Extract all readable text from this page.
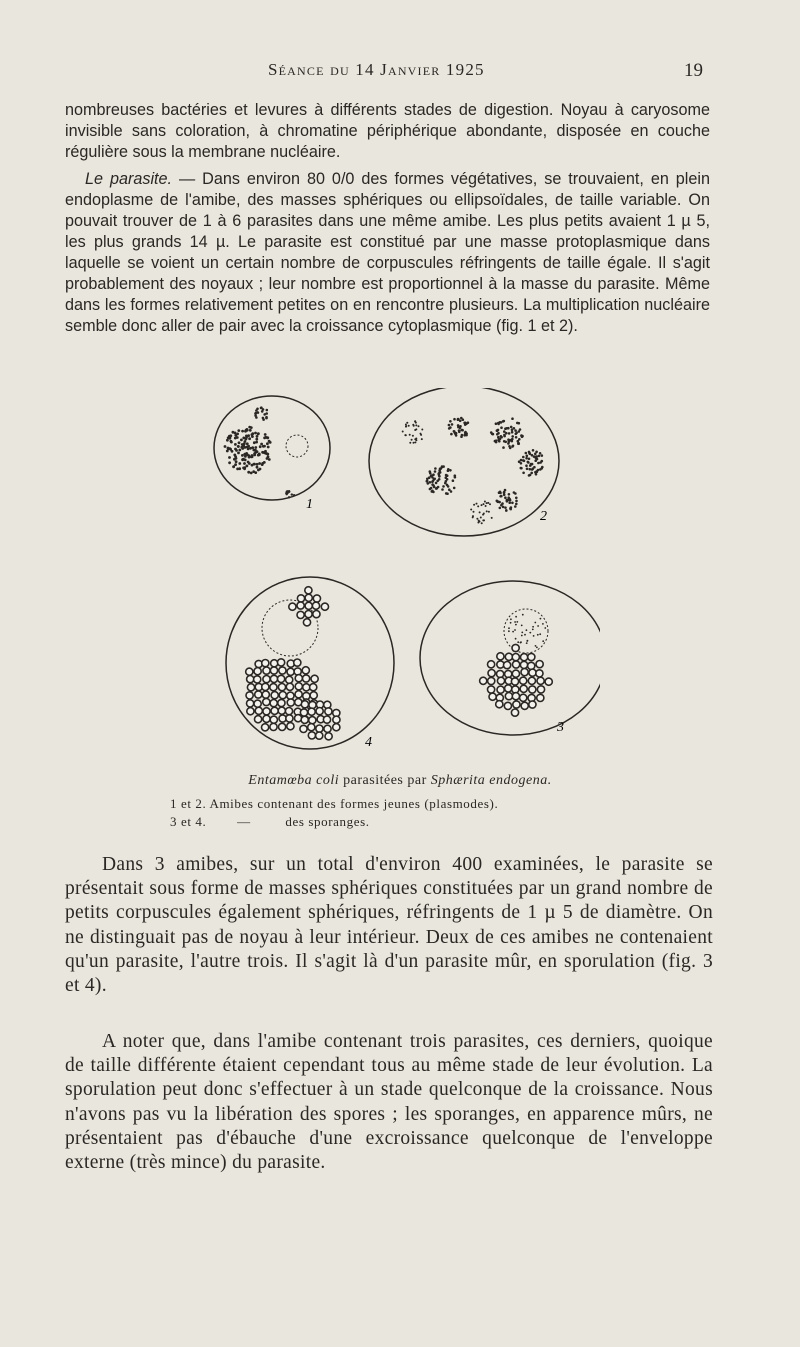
Séance du 14 Janvier 1925	19

nombreuses bactéries et levures à différents stades de digestion. Noyau à caryosome invisible sans coloration, à chromatine périphérique abondante, disposée en couche régulière sous la membrane nucléaire.

Le parasite. — Dans environ 80 0/0 des formes végétatives, se trouvaient, en plein endoplasme de l'amibe, des masses sphériques ou ellipsoïdales, de taille variable. On pouvait trouver de 1 à 6 parasites dans une même amibe. Les plus petits avaient 1 µ 5, les plus grands 14 µ. Le parasite est constitué par une masse protoplasmique dans laquelle se voient un certain nombre de corpuscules réfringents de taille égale. Il s'agit probablement des noyaux ; leur nombre est proportionnel à la masse du parasite. Même dans les formes relativement petites on en rencontre plusieurs. La multiplication nucléaire semble donc aller de pair avec la croissance cytoplasmique (fig. 1 et 2).

1
2
4
3
Entamœba coli parasitées par Sphærita endogena.
1 et 2. Amibes contenant des formes jeunes (plasmodes).
3 et 4.        —         des sporanges.

Dans 3 amibes, sur un total d'environ 400 examinées, le parasite se présentait sous forme de masses sphériques constituées par un grand nombre de petits corpuscules également sphériques, réfringents de 1 µ 5 de diamètre. On ne distinguait pas de noyau à leur intérieur. Deux de ces amibes ne contenaient qu'un parasite, l'autre trois. Il s'agit là d'un parasite mûr, en sporulation (fig. 3 et 4).

A noter que, dans l'amibe contenant trois parasites, ces derniers, quoique de taille différente étaient cependant tous au même stade de leur évolution. La sporulation peut donc s'effectuer à un stade quelconque de la croissance. Nous n'avons pas vu la libération des spores ; les sporanges, en apparence mûrs, ne présentaient pas d'ébauche d'une excroissance quelconque de l'enveloppe externe (très mince) du parasite.
